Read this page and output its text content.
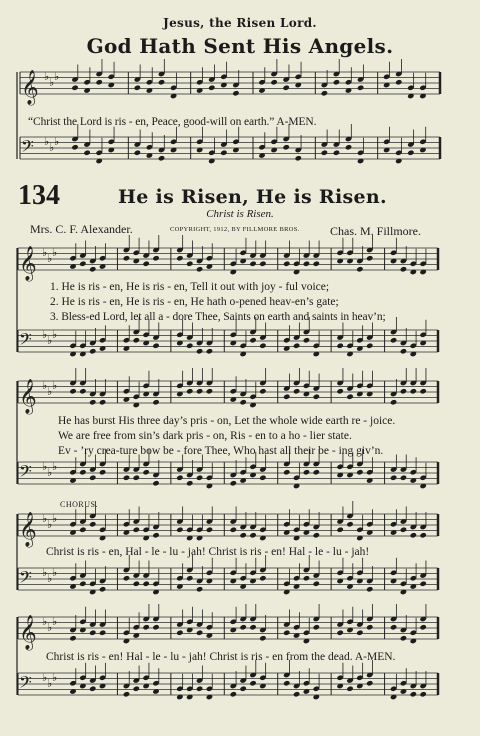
Jesus, the Risen Lord.
God Hath Sent His Angels.
𝄞 ♭ ♭ ♭
𝄢 ♭ ♭ ♭
𝄞 ♭ ♭ ♭
𝄢 ♭ ♭ ♭
𝄞 ♭ ♭ ♭
𝄢 ♭ ♭ ♭
𝄞 ♭ ♭ ♭
𝄢 ♭ ♭ ♭
𝄞 ♭ ♭ ♭
𝄢 ♭ ♭ ♭
“Christ the Lord is ris - en, Peace, good-will on earth.” A-MEN.
134	He is Risen, He is Risen.
Christ is Risen.
Mrs. C. F. Alexander.	COPYRIGHT, 1912, BY FILLMORE BROS.	Chas. M. Fillmore.
1. He is ris - en, He is ris - en, Tell it out with joy - ful voice;
2. He is ris - en, He is ris - en, He hath o-pened heav-en’s gate;
3. Bless-ed Lord, let all a - dore Thee, Saints on earth and saints in heav’n;
He has burst His three day’s pris - on, Let the whole wide earth re - joice.
We are free from sin’s dark pris - on, Ris - en to a ho - lier state.
Ev - ’ry crea-ture bow be - fore Thee, Who hast all their be - ing giv’n.
CHORUS.
Christ is ris - en, Hal - le - lu - jah! Christ is ris - en! Hal - le - lu - jah!
Christ is ris - en! Hal - le - lu - jah! Christ is ris - en from the dead. A-MEN.
